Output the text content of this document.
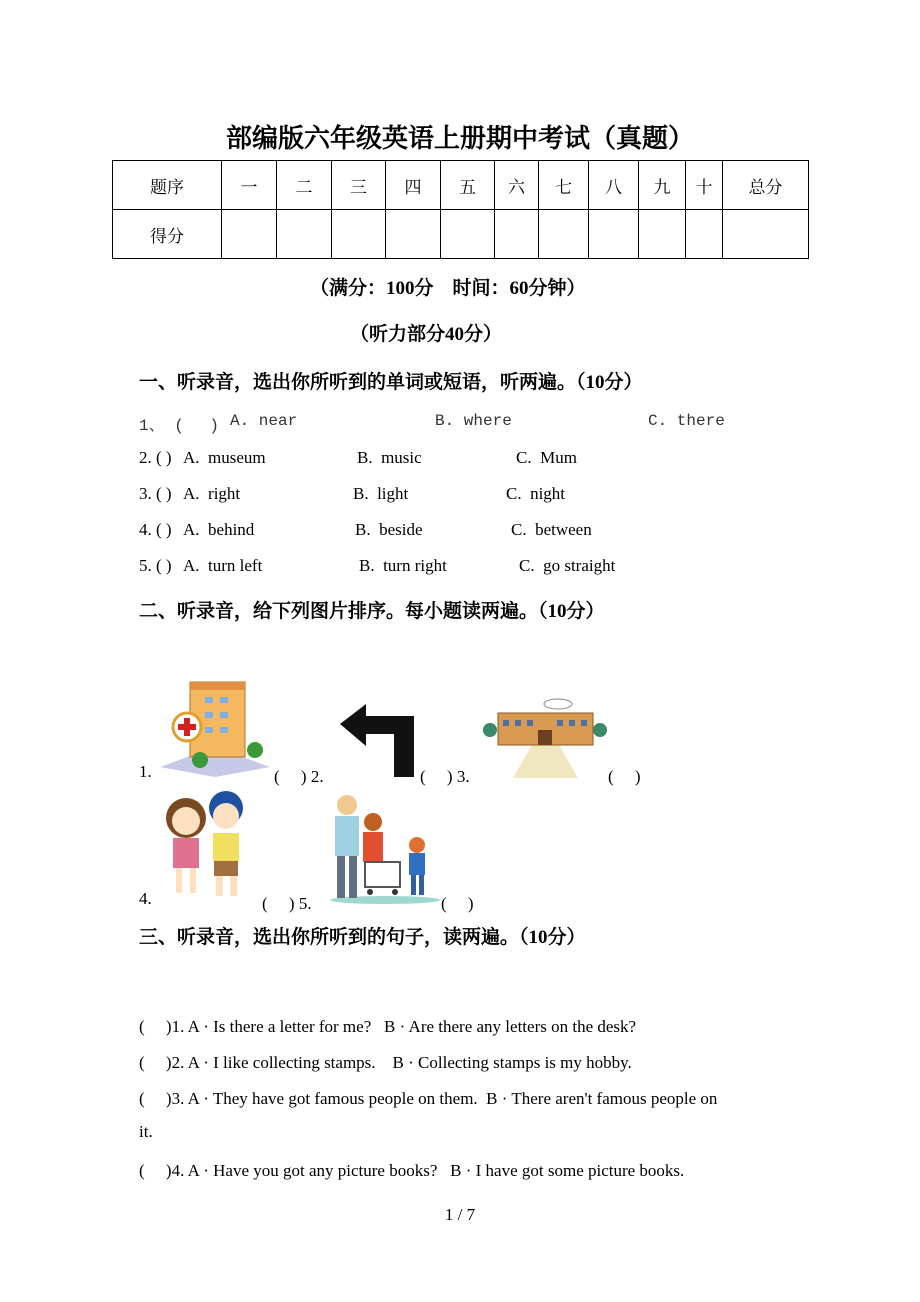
部编版六年级英语上册期中考试（真题）
题序	一	二	三	四	五	六	七	八	九	十	总分
得分											
（满分：100分　时间：60分钟）
（听力部分40分）
一、听录音，选出你所听到的单词或短语，听两遍。（10分）
1、 (　 ) A. near	B. where	C. there
2. ( ) A.  museum	B.  music	C.  Mum
3. ( ) A.  right	B.  light	C.  night
4. ( ) A.  behind	B.  beside	C.  between
5. ( ) A.  turn left	B.  turn right	C.  go straight
二、听录音，给下列图片排序。每小题读两遍。（10分）
1.	(　 ) 2.	(　 ) 3.	(　 )
4.	(　 ) 5.	(　 )
三、听录音，选出你所听到的句子，读两遍。（10分）
(　 )1. A · Is there a letter for me?   B · Are there any letters on the desk?
(　 )2. A · I like collecting stamps.    B · Collecting stamps is my hobby.
(　 )3. A · They have got famous people on them.  B · There aren't famous people on
it.
(　 )4. A · Have you got any picture books?   B · I have got some picture books.
1 / 7
